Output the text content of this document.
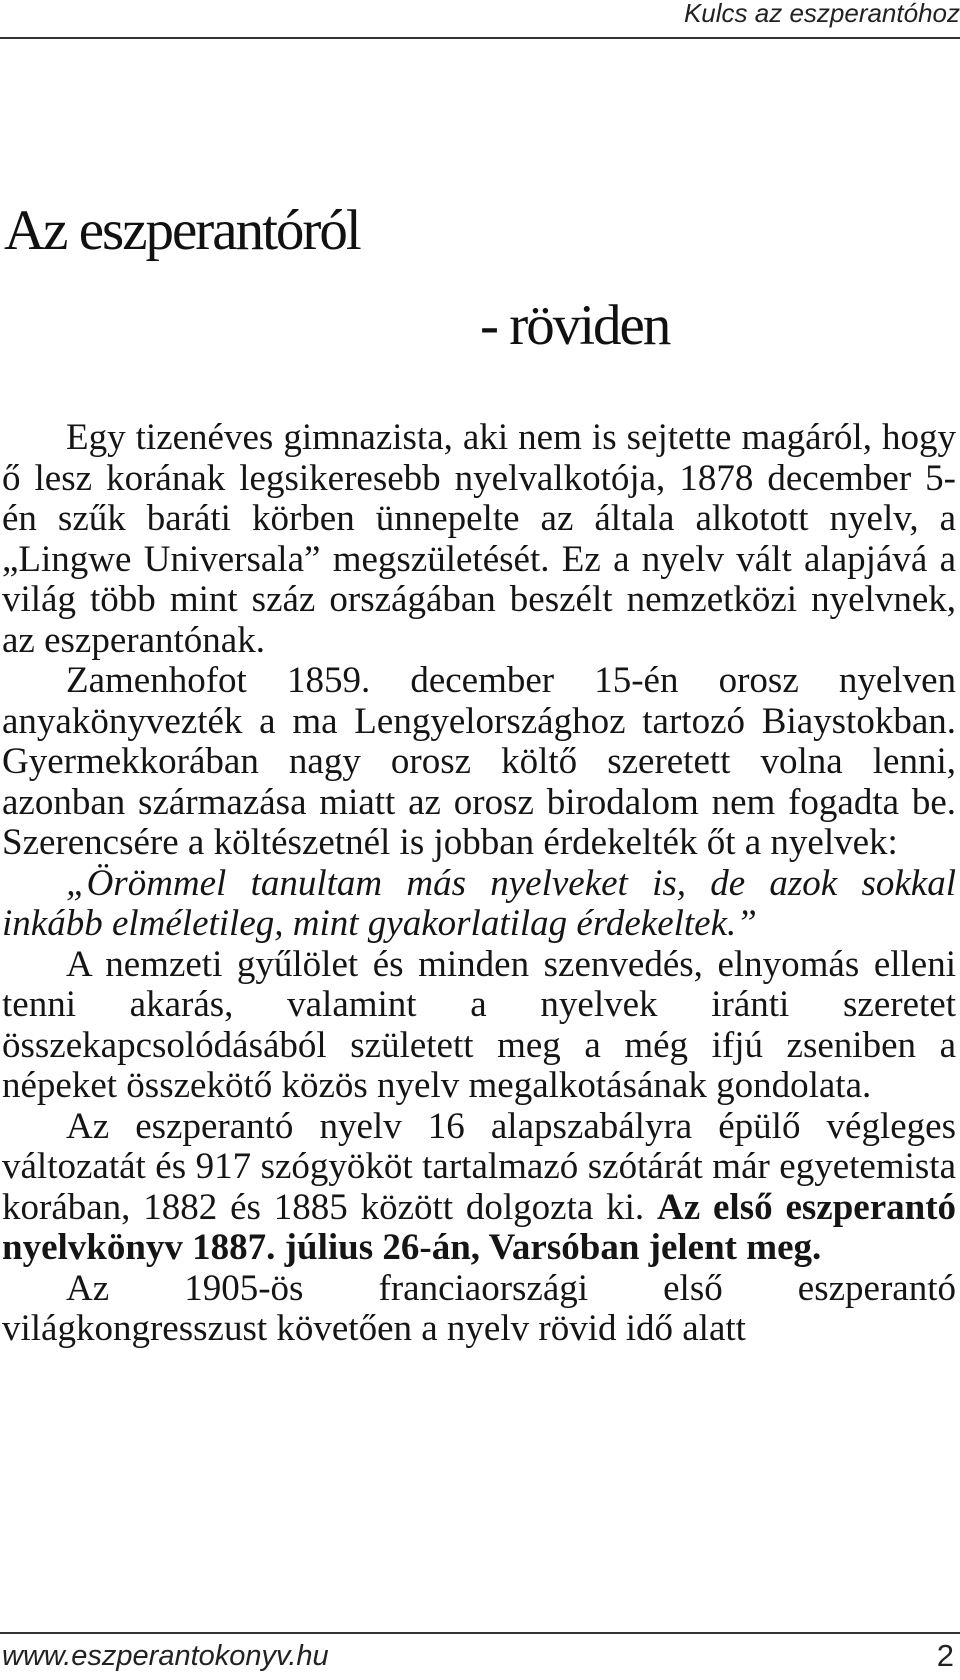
Kulcs az eszperantóhoz
Az eszperantóról
- röviden

Egy tizenéves gimnazista, aki nem is sejtette magáról, hogy ő lesz korának legsikeresebb nyelvalkotója, 1878 december 5-én szűk baráti körben ünnepelte az általa alkotott nyelv, a „Lingwe Universala” megszületését. Ez a nyelv vált alapjává a világ több mint száz országában beszélt nemzetközi nyelvnek, az eszperantónak.

Zamenhofot 1859. december 15-én orosz nyelven anyakönyvezték a ma Lengyelországhoz tartozó Biaystokban. Gyermekkorában nagy orosz költő szeretett volna lenni, azonban származása miatt az orosz birodalom nem fogadta be. Szerencsére a költészetnél is jobban érdekelték őt a nyelvek:

„Örömmel tanultam más nyelveket is, de azok sokkal inkább elméletileg, mint gyakorlatilag érdekeltek.”

A nemzeti gyűlölet és minden szenvedés, elnyomás elleni tenni akarás, valamint a nyelvek iránti szeretet összekapcsolódásából született meg a még ifjú zseniben a népeket összekötő közös nyelv megalkotásának gondolata.

Az eszperantó nyelv 16 alapszabályra épülő végleges változatát és 917 szógyököt tartalmazó szótárát már egyetemista korában, 1882 és 1885 között dolgozta ki. Az első eszperantó nyelvkönyv 1887. július 26-án, Varsóban jelent meg.

Az 1905-ös franciaországi első eszperantó világkongresszust követően a nyelv rövid idő alatt

www.eszperantokonyv.hu	2
